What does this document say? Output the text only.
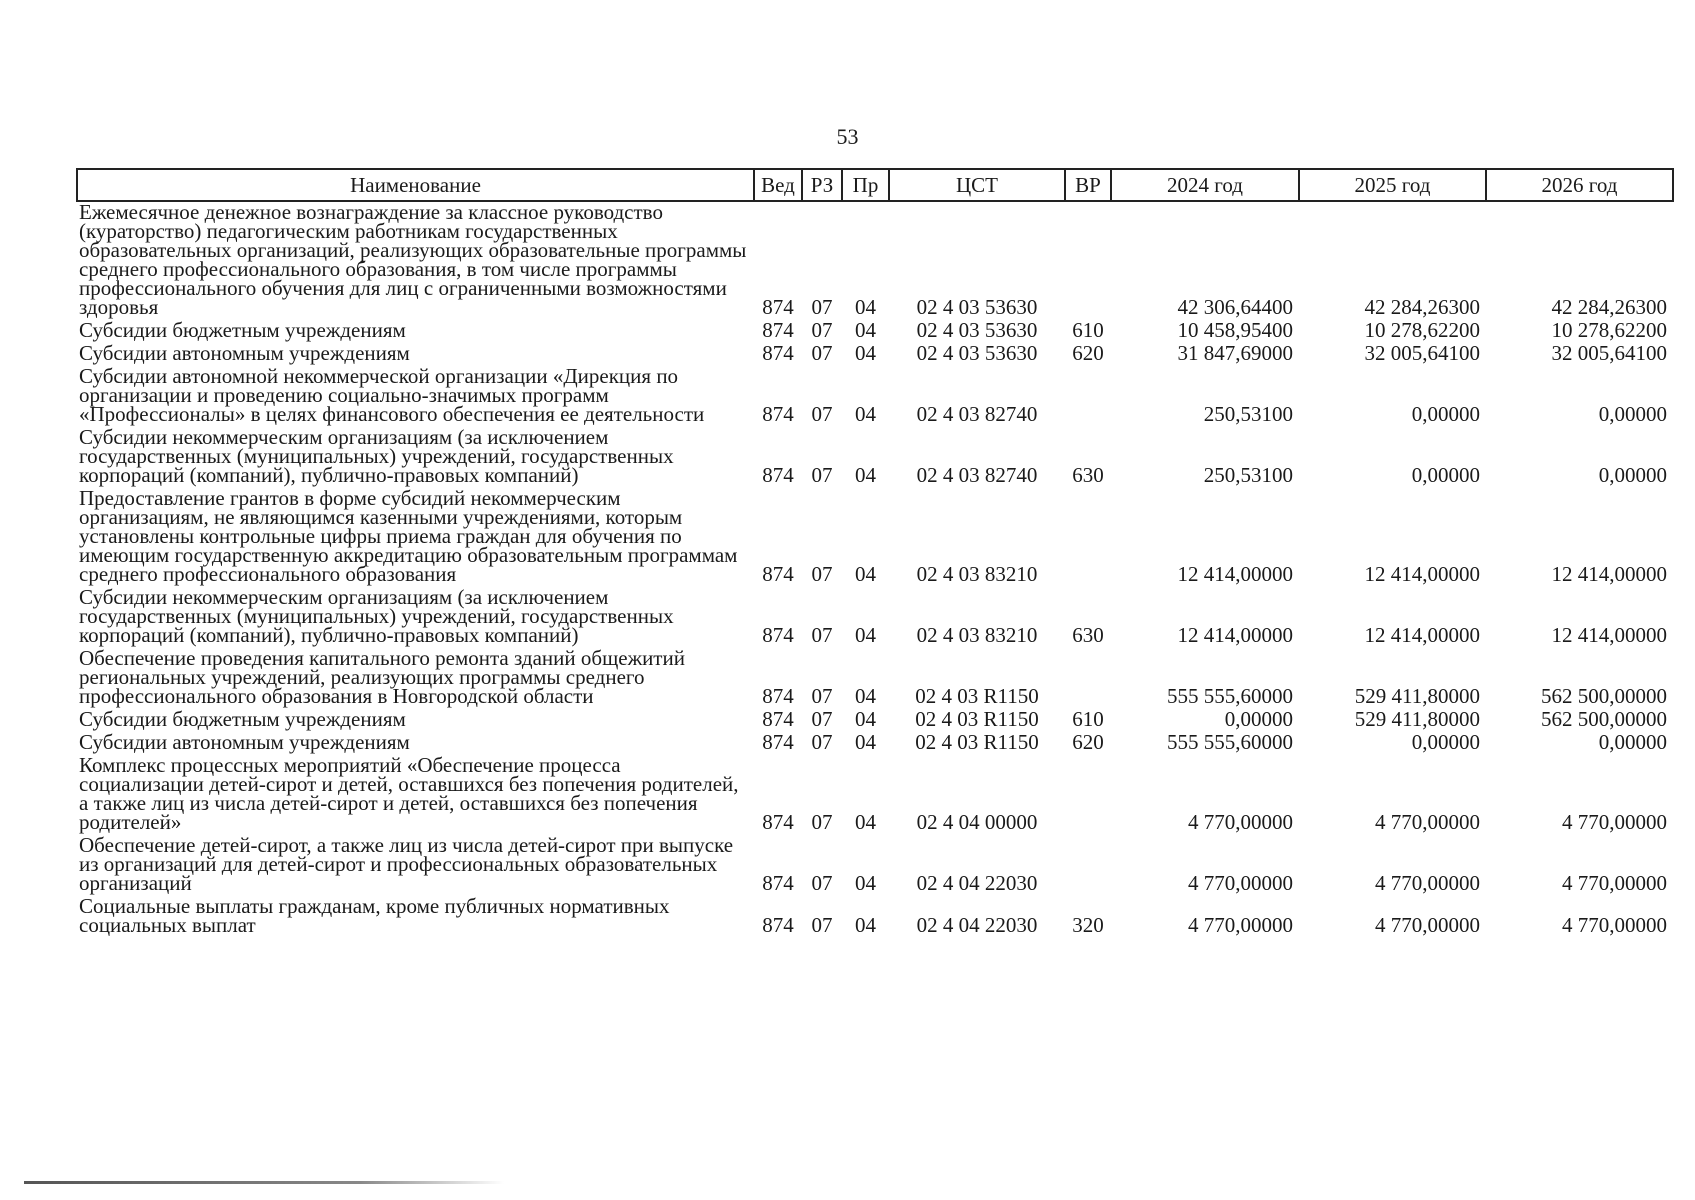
53
Наименование	Вед	РЗ	Пр	ЦСТ	ВР	2024 год	2025 год	2026 год
Ежемесячное денежное вознаграждение за классное руководство (кураторство) педагогическим работникам государственных образовательных организаций, реализующих образовательные программы среднего профессионального образования, в том числе программы профессионального обучения для лиц с ограниченными возможностями здоровья	874	07	04	02 4 03 53630		42 306,64400	42 284,26300	42 284,26300
Субсидии бюджетным учреждениям	874	07	04	02 4 03 53630	610	10 458,95400	10 278,62200	10 278,62200
Субсидии автономным учреждениям	874	07	04	02 4 03 53630	620	31 847,69000	32 005,64100	32 005,64100
Субсидии автономной некоммерческой организации «Дирекция по организации и проведению социально-значимых программ «Профессионалы» в целях финансового обеспечения ее деятельности	874	07	04	02 4 03 82740		250,53100	0,00000	0,00000
Субсидии некоммерческим организациям (за исключением государственных (муниципальных) учреждений, государственных корпораций (компаний), публично-правовых компаний)	874	07	04	02 4 03 82740	630	250,53100	0,00000	0,00000
Предоставление грантов в форме субсидий некоммерческим организациям, не являющимся казенными учреждениями, которым установлены контрольные цифры приема граждан для обучения по имеющим государственную аккредитацию образовательным программам среднего профессионального образования	874	07	04	02 4 03 83210		12 414,00000	12 414,00000	12 414,00000
Субсидии некоммерческим организациям (за исключением государственных (муниципальных) учреждений, государственных корпораций (компаний), публично-правовых компаний)	874	07	04	02 4 03 83210	630	12 414,00000	12 414,00000	12 414,00000
Обеспечение проведения капитального ремонта зданий общежитий региональных учреждений, реализующих программы среднего профессионального образования в Новгородской области	874	07	04	02 4 03 R1150		555 555,60000	529 411,80000	562 500,00000
Субсидии бюджетным учреждениям	874	07	04	02 4 03 R1150	610	0,00000	529 411,80000	562 500,00000
Субсидии автономным учреждениям	874	07	04	02 4 03 R1150	620	555 555,60000	0,00000	0,00000
Комплекс процессных мероприятий «Обеспечение процесса социализации детей-сирот и детей, оставшихся без попечения родителей, а также лиц из числа детей-сирот и детей, оставшихся без попечения родителей»	874	07	04	02 4 04 00000		4 770,00000	4 770,00000	4 770,00000
Обеспечение детей-сирот, а также лиц из числа детей-сирот при выпуске из организаций для детей-сирот и профессиональных образовательных организаций	874	07	04	02 4 04 22030		4 770,00000	4 770,00000	4 770,00000
Социальные выплаты гражданам, кроме публичных нормативных социальных выплат	874	07	04	02 4 04 22030	320	4 770,00000	4 770,00000	4 770,00000
